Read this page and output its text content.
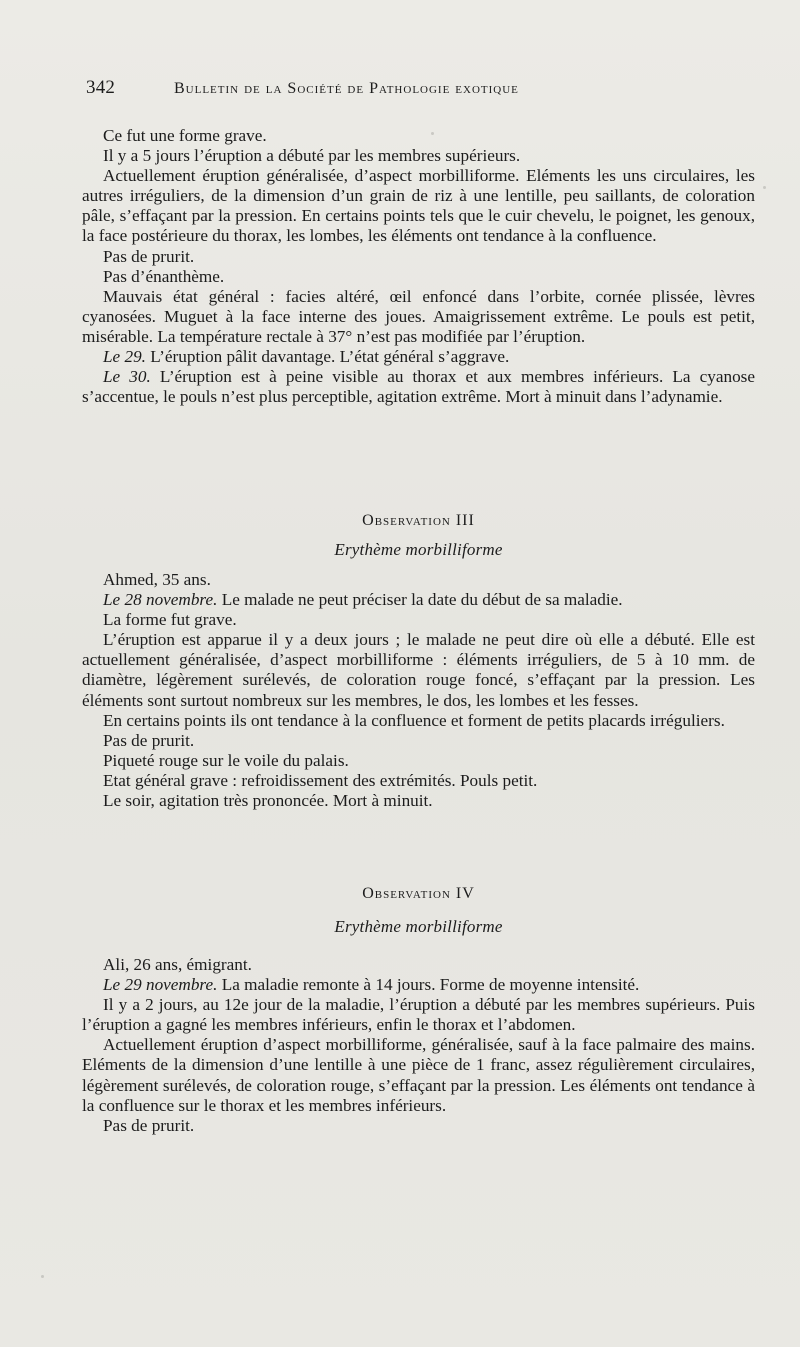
342	Bulletin de la Société de Pathologie exotique

Ce fut une forme grave.

Il y a 5 jours l’éruption a débuté par les membres supérieurs.

Actuellement éruption généralisée, d’aspect morbilliforme. Eléments les uns circulaires, les autres irréguliers, de la dimension d’un grain de riz à une lentille, peu saillants, de coloration pâle, s’effaçant par la pression. En certains points tels que le cuir chevelu, le poignet, les genoux, la face postérieure du thorax, les lombes, les éléments ont tendance à la confluence.

Pas de prurit.

Pas d’énanthème.

Mauvais état général : facies altéré, œil enfoncé dans l’orbite, cornée plissée, lèvres cyanosées. Muguet à la face interne des joues. Amaigrissement extrême. Le pouls est petit, misérable. La température rectale à 37° n’est pas modifiée par l’éruption.

Le 29. L’éruption pâlit davantage. L’état général s’aggrave.

Le 30. L’éruption est à peine visible au thorax et aux membres inférieurs. La cyanose s’accentue, le pouls n’est plus perceptible, agitation extrême. Mort à minuit dans l’adynamie.

Observation III
Erythème morbilliforme

Ahmed, 35 ans.

Le 28 novembre. Le malade ne peut préciser la date du début de sa maladie.

La forme fut grave.

L’éruption est apparue il y a deux jours ; le malade ne peut dire où elle a débuté. Elle est actuellement généralisée, d’aspect morbilliforme : éléments irréguliers, de 5 à 10 mm. de diamètre, légèrement surélevés, de coloration rouge foncé, s’effaçant par la pression. Les éléments sont surtout nombreux sur les membres, le dos, les lombes et les fesses.

En certains points ils ont tendance à la confluence et forment de petits placards irréguliers.

Pas de prurit.

Piqueté rouge sur le voile du palais.

Etat général grave : refroidissement des extrémités. Pouls petit.

Le soir, agitation très prononcée. Mort à minuit.

Observation IV
Erythème morbilliforme

Ali, 26 ans, émigrant.

Le 29 novembre. La maladie remonte à 14 jours. Forme de moyenne intensité.

Il y a 2 jours, au 12e jour de la maladie, l’éruption a débuté par les membres supérieurs. Puis l’éruption a gagné les membres inférieurs, enfin le thorax et l’abdomen.

Actuellement éruption d’aspect morbilliforme, généralisée, sauf à la face palmaire des mains. Eléments de la dimension d’une lentille à une pièce de 1 franc, assez régulièrement circulaires, légèrement surélevés, de coloration rouge, s’effaçant par la pression. Les éléments ont tendance à la confluence sur le thorax et les membres inférieurs.

Pas de prurit.
